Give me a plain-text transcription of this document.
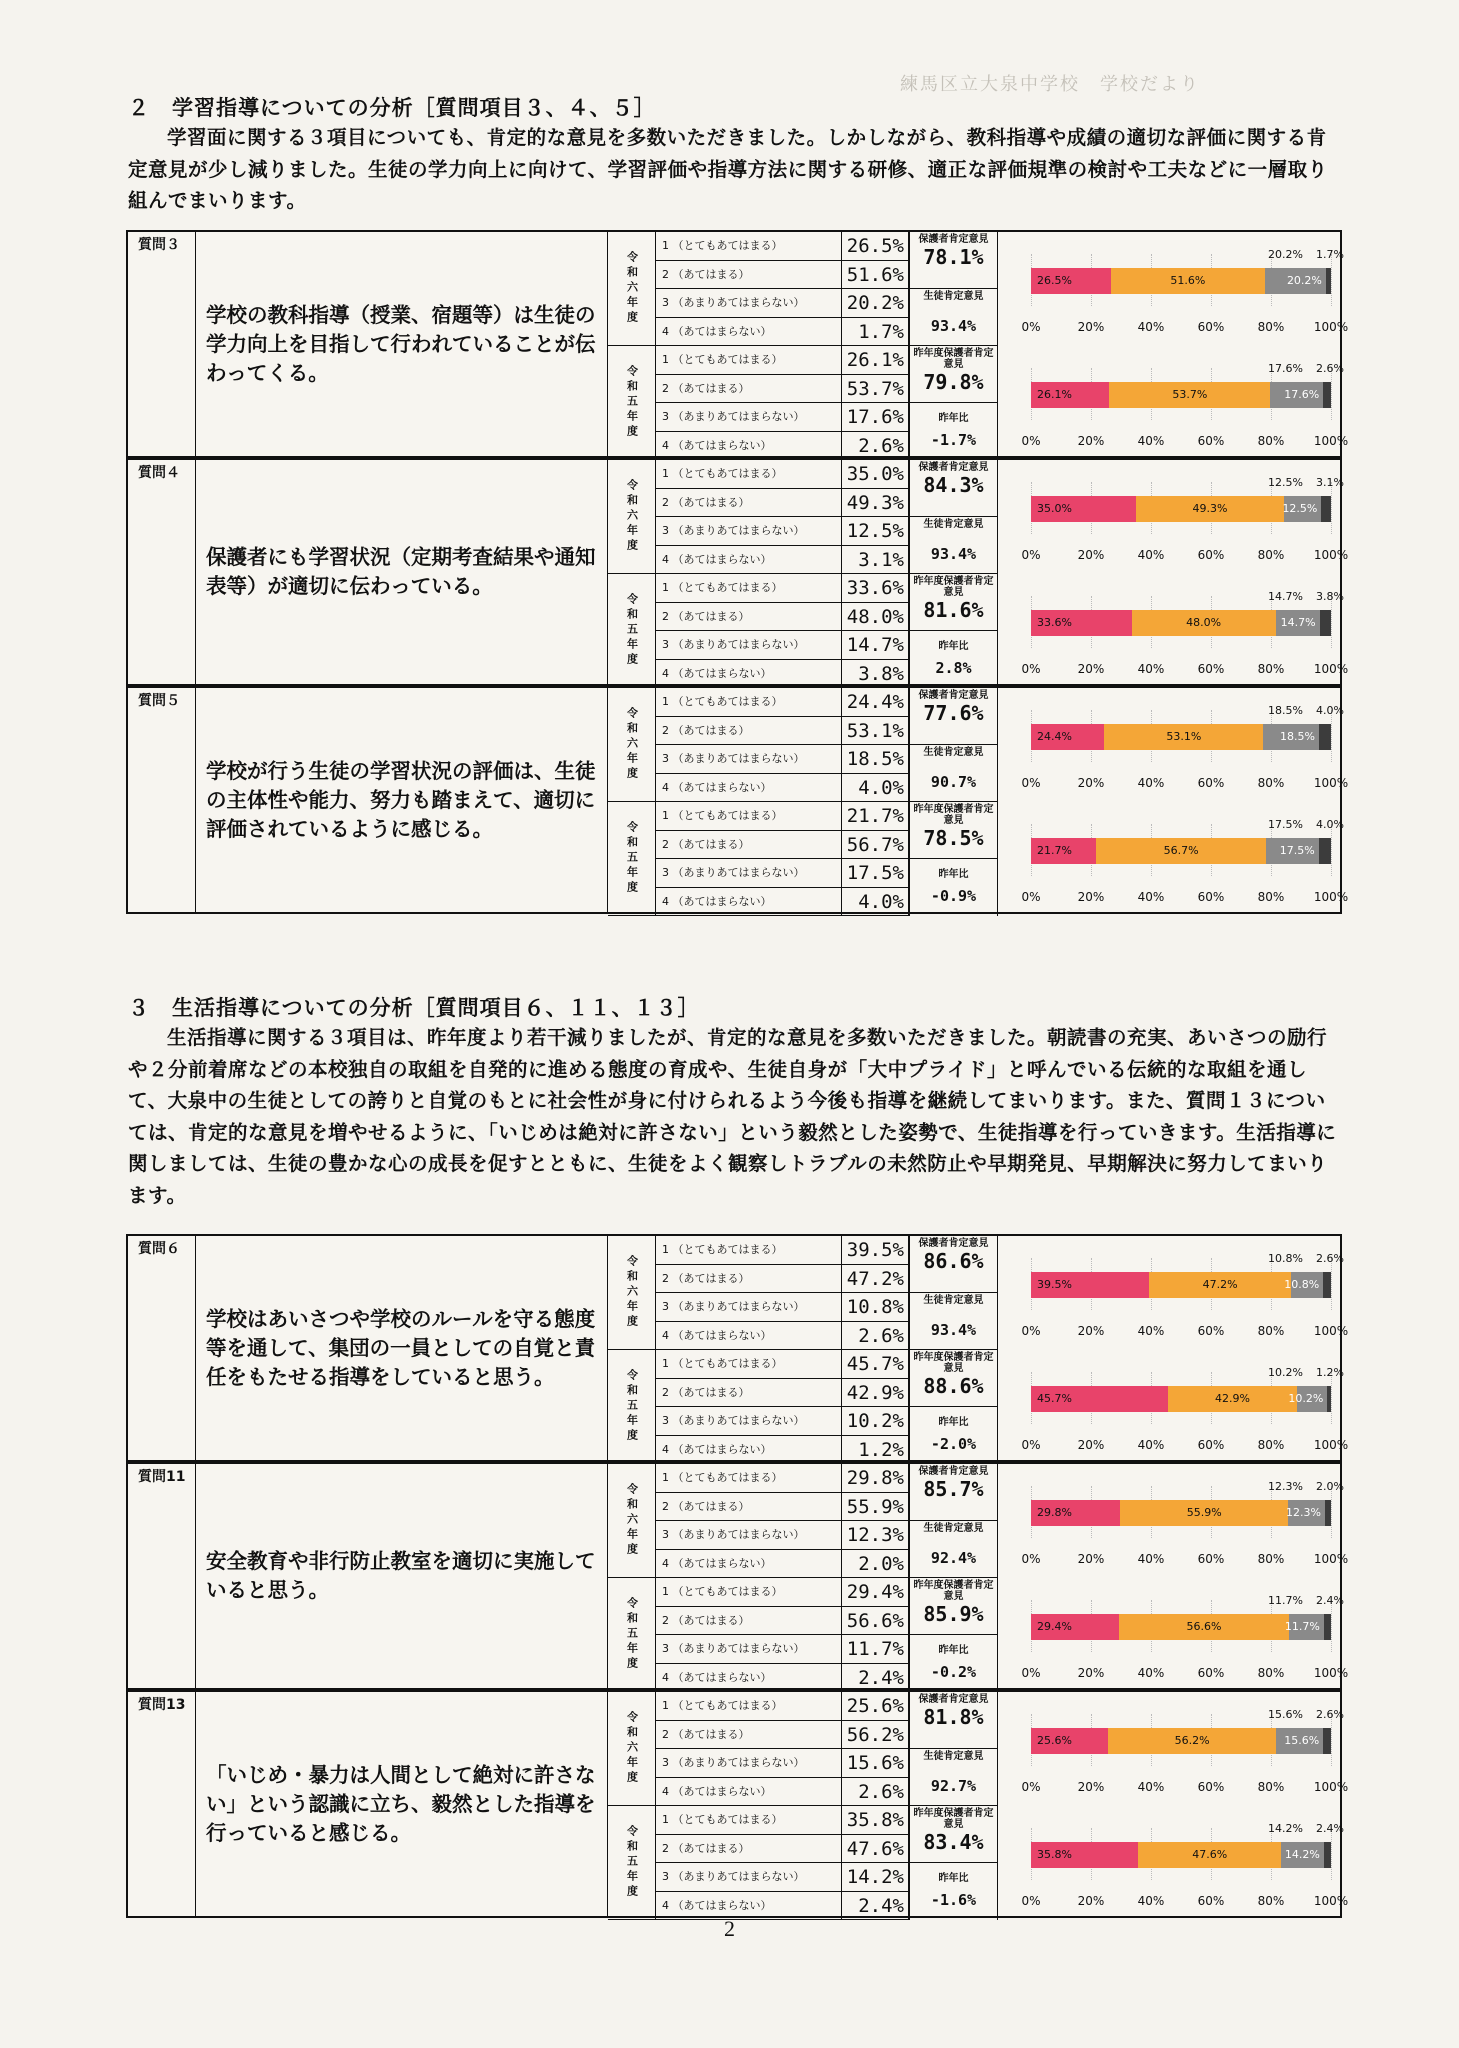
練馬区立大泉中学校　学校だより
２ 学習指導についての分析［質問項目３、４、５］
学習面に関する３項目についても、肯定的な意見を多数いただきました。しかしながら、教科指導や成績の適切な評価に関する肯定意見が少し減りました。生徒の学力向上に向けて、学習評価や指導方法に関する研修、適正な評価規準の検討や工夫などに一層取り組んでまいります。
３ 生活指導についての分析［質問項目６、１１、１３］
生活指導に関する３項目は、昨年度より若干減りましたが、肯定的な意見を多数いただきました。朝読書の充実、あいさつの励行や２分前着席などの本校独自の取組を自発的に進める態度の育成や、生徒自身が「大中プライド」と呼んでいる伝統的な取組を通して、大泉中の生徒としての誇りと自覚のもとに社会性が身に付けられるよう今後も指導を継続してまいります。また、質問１３については、肯定的な意見を増やせるように、「いじめは絶対に許さない」という毅然とした姿勢で、生徒指導を行っていきます。生活指導に関しましては、生徒の豊かな心の成長を促すとともに、生徒をよく観察しトラブルの未然防止や早期発見、早期解決に努力してまいります。
質問３
学校の教科指導（授業、宿題等）は生徒の学力向上を目指して行われていることが伝わってくる。
令和六年度
1 （とてもあてはまる）	26.5%
2 （あてはまる）	51.6%
3 （あまりあてはまらない）	20.2%
4 （あてはまらない）	1.7%
保護者肯定意見
78.1%
生徒肯定意見
93.4%
26.5%	51.6%	20.2%
20.2% 1.7%
0%	20%	40%	60%	80% 100%
令和五年度
1 （とてもあてはまる）	26.1%
2 （あてはまる）	53.7%
3 （あまりあてはまらない）	17.6%
4 （あてはまらない）	2.6%
昨年度保護者肯定意見
79.8%
昨年比
-1.7%
26.1%	53.7%	17.6%
17.6% 2.6%
0%	20%	40%	60%	80% 100%
質問４
保護者にも学習状況（定期考査結果や通知表等）が適切に伝わっている。
令和六年度
1 （とてもあてはまる）	35.0%
2 （あてはまる）	49.3%
3 （あまりあてはまらない）	12.5%
4 （あてはまらない）	3.1%
保護者肯定意見
84.3%
生徒肯定意見
93.4%
35.0%	49.3%	12.5%
12.5% 3.1%
0%	20%	40%	60%	80% 100%
令和五年度
1 （とてもあてはまる）	33.6%
2 （あてはまる）	48.0%
3 （あまりあてはまらない）	14.7%
4 （あてはまらない）	3.8%
昨年度保護者肯定意見
81.6%
昨年比
2.8%
33.6%	48.0%	14.7%
14.7% 3.8%
0%	20%	40%	60%	80% 100%
質問５
学校が行う生徒の学習状況の評価は、生徒の主体性や能力、努力も踏まえて、適切に評価されているように感じる。
令和六年度
1 （とてもあてはまる）	24.4%
2 （あてはまる）	53.1%
3 （あまりあてはまらない）	18.5%
4 （あてはまらない）	4.0%
保護者肯定意見
77.6%
生徒肯定意見
90.7%
24.4%	53.1%	18.5%
18.5% 4.0%
0%	20%	40%	60%	80% 100%
令和五年度
1 （とてもあてはまる）	21.7%
2 （あてはまる）	56.7%
3 （あまりあてはまらない）	17.5%
4 （あてはまらない）	4.0%
昨年度保護者肯定意見
78.5%
昨年比
-0.9%
21.7%	56.7%	17.5%
17.5% 4.0%
0%	20%	40%	60%	80% 100%
質問６
学校はあいさつや学校のルールを守る態度等を通して、集団の一員としての自覚と責任をもたせる指導をしていると思う。
令和六年度
1 （とてもあてはまる）	39.5%
2 （あてはまる）	47.2%
3 （あまりあてはまらない）	10.8%
4 （あてはまらない）	2.6%
保護者肯定意見
86.6%
生徒肯定意見
93.4%
39.5%	47.2%	10.8%
10.8% 2.6%
0%	20%	40%	60%	80% 100%
令和五年度
1 （とてもあてはまる）	45.7%
2 （あてはまる）	42.9%
3 （あまりあてはまらない）	10.2%
4 （あてはまらない）	1.2%
昨年度保護者肯定意見
88.6%
昨年比
-2.0%
45.7%	42.9%	10.2%
10.2% 1.2%
0%	20%	40%	60%	80% 100%
質問11
安全教育や非行防止教室を適切に実施していると思う。
令和六年度
1 （とてもあてはまる）	29.8%
2 （あてはまる）	55.9%
3 （あまりあてはまらない）	12.3%
4 （あてはまらない）	2.0%
保護者肯定意見
85.7%
生徒肯定意見
92.4%
29.8%	55.9%	12.3%
12.3% 2.0%
0%	20%	40%	60%	80% 100%
令和五年度
1 （とてもあてはまる）	29.4%
2 （あてはまる）	56.6%
3 （あまりあてはまらない）	11.7%
4 （あてはまらない）	2.4%
昨年度保護者肯定意見
85.9%
昨年比
-0.2%
29.4%	56.6%	11.7%
11.7% 2.4%
0%	20%	40%	60%	80% 100%
質問13
「いじめ・暴力は人間として絶対に許さない」という認識に立ち、毅然とした指導を行っていると感じる。
令和六年度
1 （とてもあてはまる）	25.6%
2 （あてはまる）	56.2%
3 （あまりあてはまらない）	15.6%
4 （あてはまらない）	2.6%
保護者肯定意見
81.8%
生徒肯定意見
92.7%
25.6%	56.2%	15.6%
15.6% 2.6%
0%	20%	40%	60%	80% 100%
令和五年度
1 （とてもあてはまる）	35.8%
2 （あてはまる）	47.6%
3 （あまりあてはまらない）	14.2%
4 （あてはまらない）	2.4%
昨年度保護者肯定意見
83.4%
昨年比
-1.6%
35.8%	47.6%	14.2%
14.2% 2.4%
0%	20%	40%	60%	80% 100%
2
